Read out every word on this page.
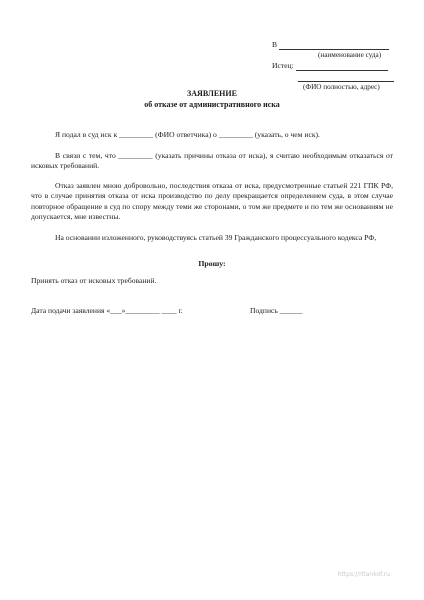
В
(наименование суда)
Истец:
(ФИО полностью, адрес)
ЗАЯВЛЕНИЕ
об отказе от административного иска
Я подал в суд иск к _________ (ФИО ответчика) о _________ (указать, о чем иск).
В связи с тем, что _________ (указать причины отказа от иска), я считаю необходимым отказаться от исковых требований.
Отказ заявлен мною добровольно, последствия отказа от иска, предусмотренные статьей 221 ГПК РФ, что в случае принятия отказа от иска производство по делу прекращается определением суда, в этом случае повторное обращение в суд по спору между теми же сторонами, о том же предмете и по тем же основаниям не допускается, мне известны.
На основании изложенного, руководствуясь статьей 39 Гражданского процессуального кодекса РФ,
Прошу:
Принять отказ от исковых требований.
Дата подачи заявления «___»_________ ____ г.	Подпись ______
https://rtlankof.ru
